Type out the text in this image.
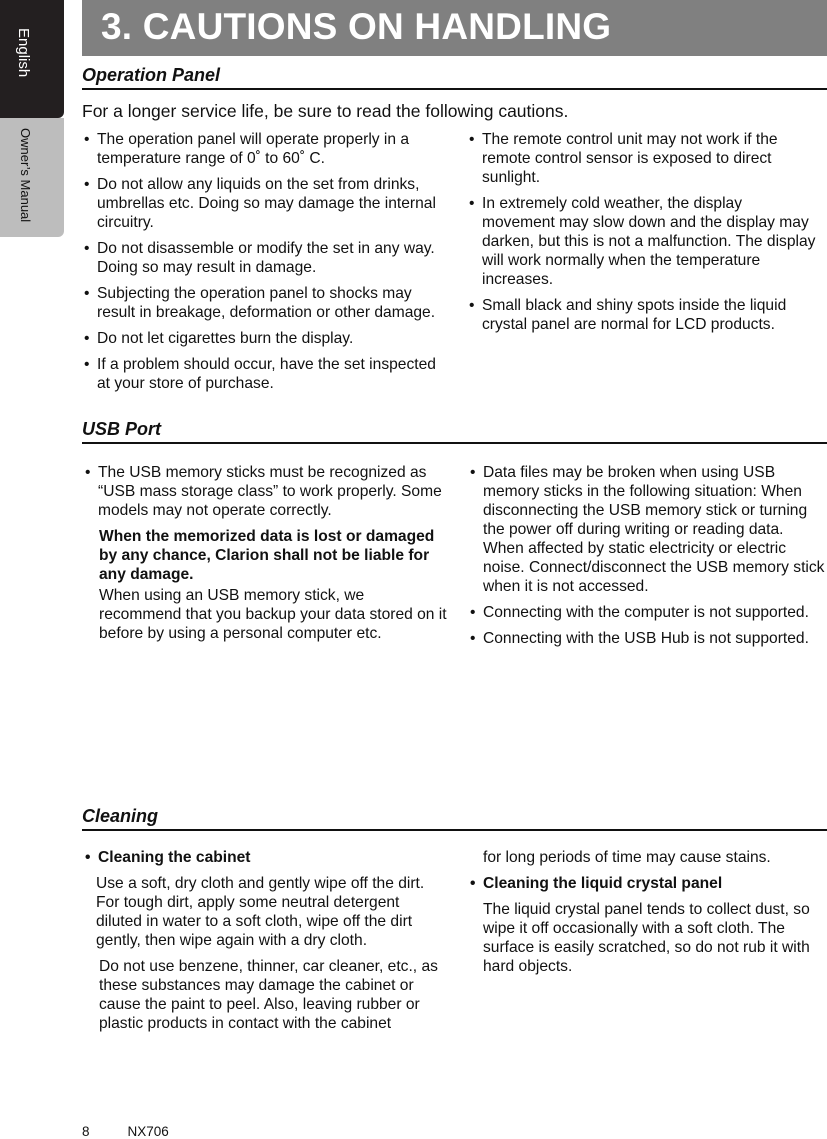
English
Owner’s Manual
3. CAUTIONS ON HANDLING
Operation Panel
For a longer service life, be sure to read the following cautions.
• The operation panel will operate properly in a temperature range of 0˚ to 60˚ C.
• Do not allow any liquids on the set from drinks, umbrellas etc. Doing so may damage the internal circuitry.
• Do not disassemble or modify the set in any way. Doing so may result in damage.
• Subjecting the operation panel to shocks may result in breakage, deformation or other damage.
• Do not let cigarettes burn the display.
• If a problem should occur, have the set inspected at your store of purchase.
• The remote control unit may not work if the remote control sensor is exposed to direct sunlight.
• In extremely cold weather, the display movement may slow down and the display may darken, but this is not a malfunction. The display will work normally when the temperature increases.
• Small black and shiny spots inside the liquid crystal panel are normal for LCD products.
USB Port
• The USB memory sticks must be recognized as “USB mass storage class” to work properly. Some models may not operate correctly.

When the memorized data is lost or damaged by any chance, Clarion shall not be liable for any damage.

When using an USB memory stick, we recommend that you backup your data stored on it before by using a personal computer etc.

• Data files may be broken when using USB memory sticks in the following situation: When disconnecting the USB memory stick or turning the power off during writing or reading data. When affected by static electricity or electric noise. Connect/disconnect the USB memory stick when it is not accessed.
• Connecting with the computer is not supported.
• Connecting with the USB Hub is not supported.
Cleaning
• Cleaning the cabinet

Use a soft, dry cloth and gently wipe off the dirt. For tough dirt, apply some neutral detergent diluted in water to a soft cloth, wipe off the dirt gently, then wipe again with a dry cloth.

Do not use benzene, thinner, car cleaner, etc., as these substances may damage the cabinet or cause the paint to peel. Also, leaving rubber or plastic products in contact with the cabinet

for long periods of time may cause stains.

• Cleaning the liquid crystal panel

The liquid crystal panel tends to collect dust, so wipe it off occasionally with a soft cloth. The surface is easily scratched, so do not rub it with hard objects.

8	NX706
